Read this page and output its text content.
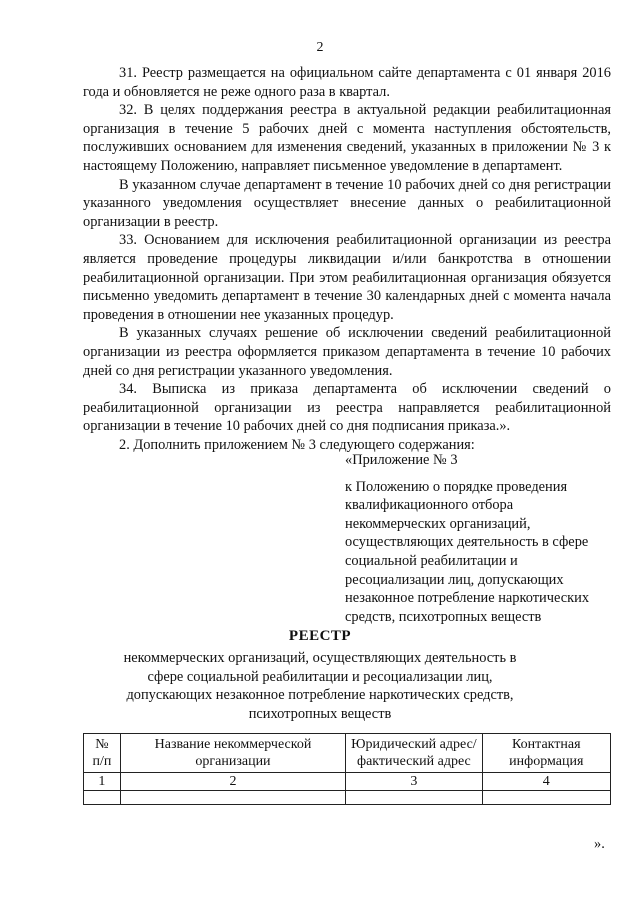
2

31. Реестр размещается на официальном сайте департамента с 01 января 2016 года и обновляется не реже одного раза в квартал.

32. В целях поддержания реестра в актуальной редакции реабилитационная организация в течение 5 рабочих дней с момента наступления обстоятельств, послуживших основанием для изменения сведений, указанных в приложении № 3 к настоящему Положению, направляет письменное уведомление в департамент.

В указанном случае департамент в течение 10 рабочих дней со дня регистрации указанного уведомления осуществляет внесение данных о реабилитационной организации в реестр.

33. Основанием для исключения реабилитационной организации из реестра является проведение процедуры ликвидации и/или банкротства в отношении реабилитационной организации. При этом реабилитационная организация обязуется письменно уведомить департамент в течение 30 календарных дней с момента начала проведения в отношении нее указанных процедур.

В указанных случаях решение об исключении сведений реабилитационной организации из реестра оформляется приказом департамента в течение 10 рабочих дней со дня регистрации указанного уведомления.

34. Выписка из приказа департамента об исключении сведений о реабилитационной организации из реестра направляется реабилитационной организации в течение 10 рабочих дней со дня подписания приказа.».

2. Дополнить приложением № 3 следующего содержания:

«Приложение № 3

к Положению о порядке проведения квалификационного отбора некоммерческих организаций, осуществляющих деятельность в сфере социальной реабилитации и ресоциализации лиц, допускающих незаконное потребление наркотических средств, психотропных веществ

РЕЕСТР
некоммерческих организаций, осуществляющих деятельность в сфере социальной реабилитации и ресоциализации лиц, допускающих незаконное потребление наркотических средств, психотропных веществ
№ п/п	Название некоммерческой организации	Юридический адрес/фактический адрес	Контактная информация
1	2	3	4

».
